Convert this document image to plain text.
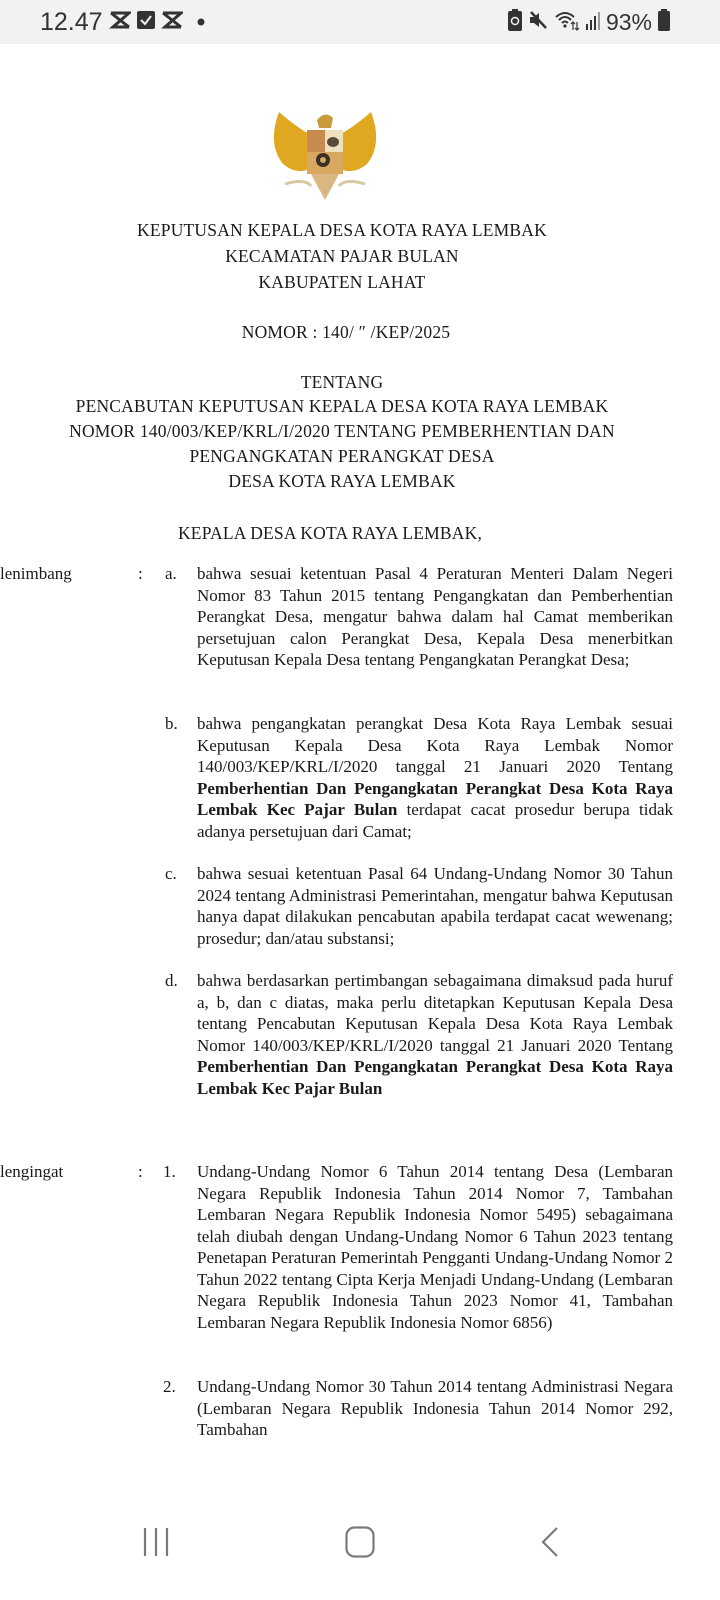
12.47	93%
KEPUTUSAN KEPALA DESA KOTA RAYA LEMBAK
KECAMATAN PAJAR BULAN
KABUPATEN LAHAT
NOMOR : 140/ ″ /KEP/2025
TENTANG
PENCABUTAN KEPUTUSAN KEPALA DESA KOTA RAYA LEMBAK
NOMOR 140/003/KEP/KRL/I/2020 TENTANG PEMBERHENTIAN DAN
PENGANGKATAN PERANGKAT DESA
DESA KOTA RAYA LEMBAK
KEPALA DESA KOTA RAYA LEMBAK,
lenimbang	: a. bahwa sesuai ketentuan Pasal 4 Peraturan Menteri Dalam Negeri Nomor 83 Tahun 2015 tentang Pengangkatan dan Pemberhentian Perangkat Desa, mengatur bahwa dalam hal Camat memberikan persetujuan calon Perangkat Desa, Kepala Desa menerbitkan Keputusan Kepala Desa tentang Pengangkatan Perangkat Desa;
b. bahwa pengangkatan perangkat Desa Kota Raya Lembak sesuai Keputusan Kepala Desa Kota Raya Lembak Nomor 140/003/KEP/KRL/I/2020 tanggal 21 Januari 2020 Tentang Pemberhentian Dan Pengangkatan Perangkat Desa Kota Raya Lembak Kec Pajar Bulan terdapat cacat prosedur berupa tidak adanya persetujuan dari Camat;
c. bahwa sesuai ketentuan Pasal 64 Undang-Undang Nomor 30 Tahun 2024 tentang Administrasi Pemerintahan, mengatur bahwa Keputusan hanya dapat dilakukan pencabutan apabila terdapat cacat wewenang; prosedur; dan/atau substansi;
d. bahwa berdasarkan pertimbangan sebagaimana dimaksud pada huruf a, b, dan c diatas, maka perlu ditetapkan Keputusan Kepala Desa tentang Pencabutan Keputusan Kepala Desa Kota Raya Lembak Nomor 140/003/KEP/KRL/I/2020 tanggal 21 Januari 2020 Tentang Pemberhentian Dan Pengangkatan Perangkat Desa Kota Raya Lembak Kec Pajar Bulan
lengingat	: 1. Undang-Undang Nomor 6 Tahun 2014 tentang Desa (Lembaran Negara Republik Indonesia Tahun 2014 Nomor 7, Tambahan Lembaran Negara Republik Indonesia Nomor 5495) sebagaimana telah diubah dengan Undang-Undang Nomor 6 Tahun 2023 tentang Penetapan Peraturan Pemerintah Pengganti Undang-Undang Nomor 2 Tahun 2022 tentang Cipta Kerja Menjadi Undang-Undang (Lembaran Negara Republik Indonesia Tahun 2023 Nomor 41, Tambahan Lembaran Negara Republik Indonesia Nomor 6856)
2. Undang-Undang Nomor 30 Tahun 2014 tentang Administrasi Negara (Lembaran Negara Republik Indonesia Tahun 2014 Nomor 292, Tambahan
